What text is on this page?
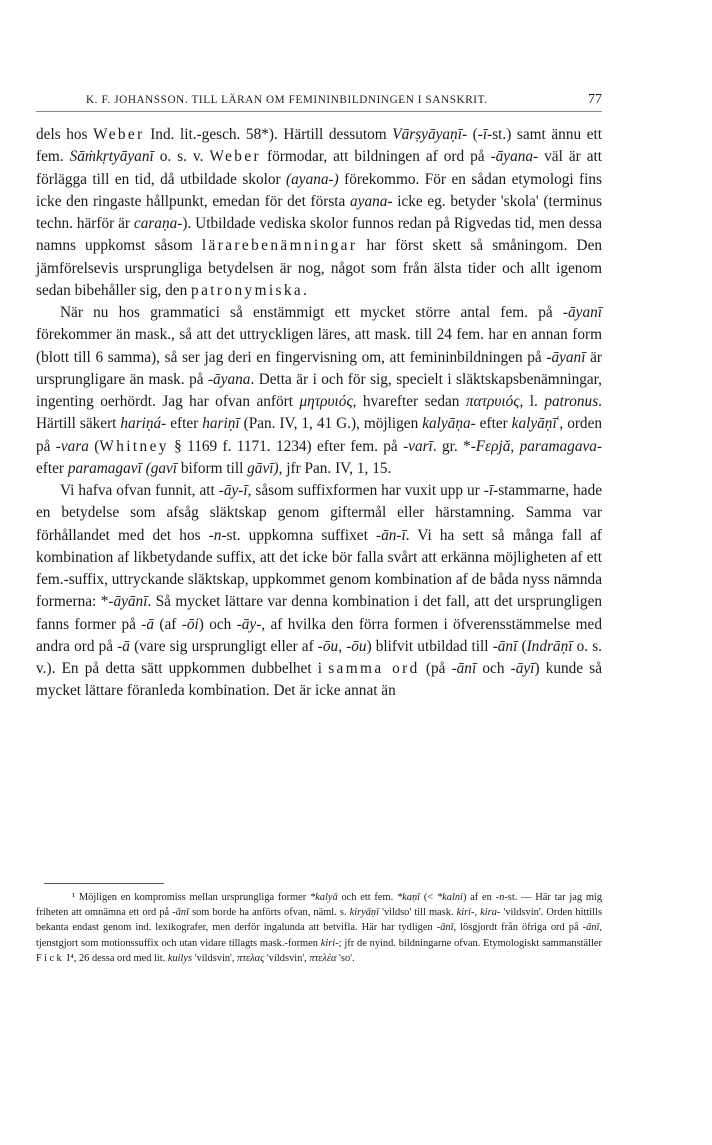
K. F. JOHANSSON. TILL LÄRAN OM FEMININBILDNINGEN I SANSKRIT.	77

dels hos Weber Ind. lit.-gesch. 58*). Härtill dessutom Vārṣyāyaṇī- (-ī-st.) samt ännu ett fem. Sāṁkṛtyāyanī o. s. v. Weber förmodar, att bildningen af ord på -āyana- väl är att förlägga till en tid, då utbildade skolor (ayana-) förekommo. För en sådan etymologi fins icke den ringaste hållpunkt, emedan för det första ayana- icke eg. betyder 'skola' (terminus techn. härför är caraṇa-). Utbildade vediska skolor funnos redan på Rigvedas tid, men dessa namns uppkomst såsom lärarebenämningar har först skett så småningom. Den jämförelsevis ursprungliga betydelsen är nog, något som från älsta tider och allt igenom sedan bibehåller sig, den patronymiska.

När nu hos grammatici så enstämmigt ett mycket större antal fem. på -āyanī förekommer än mask., så att det uttryckligen läres, att mask. till 24 fem. har en annan form (blott till 6 samma), så ser jag deri en fingervisning om, att femininbildningen på -āyanī är ursprungligare än mask. på -āyana. Detta är i och för sig, specielt i släktskapsbenämningar, ingenting oerhördt. Jag har ofvan anfört μητρυιός, hvarefter sedan πατρυιός, l. patronus. Härtill säkert hariṇá- efter hariṇī (Pan. IV, 1, 41 G.), möjligen kalyāṇa- efter kalyāṇī$^{^1}$, orden på -vara (Whitney § 1169 f. 1171. 1234) efter fem. på -varī. gr. *-Fερjă, paramagava- efter paramagavī (gavī biform till gāvī), jfr Pan. IV, 1, 15.

Vi hafva ofvan funnit, att -āy-ī, såsom suffixformen har vuxit upp ur -ī-stammarne, hade en betydelse som afsåg släktskap genom giftermål eller härstamning. Samma var förhållandet med det hos -n-st. uppkomna suffixet -ān-ī. Vi ha sett så många fall af kombination af likbetydande suffix, att det icke bör falla svårt att erkänna möjligheten af ett fem.-suffix, uttryckande släktskap, uppkommet genom kombination af de båda nyss nämnda formerna: *-āyānī. Så mycket lättare var denna kombination i det fall, att det ursprungligen fanns former på -ā (af -ōi) och -āy-, af hvilka den förra formen i öfverensstämmelse med andra ord på -ā (vare sig ursprungligt eller af -ōu, -ōu) blifvit utbildad till -ānī (Indrāṇī o. s. v.). En på detta sätt uppkommen dubbelhet i samma ord (på -ānī och -āyī) kunde så mycket lättare föranleda kombination. Det är icke annat än

¹ Möjligen en kompromiss mellan ursprungliga former *kalyā och ett fem. *kaṇī (< *kalni) af en -n-st. — Här tar jag mig friheten att omnämna ett ord på -ānī som borde ha anförts ofvan, näml. s. kiryāṇī 'vildso' till mask. kiri-, kira- 'vildsvin'. Orden hittills bekanta endast genom ind. lexikografer, men derför ingalunda att betvifla. Här har tydligen -ānī, lösgjordt från öfriga ord på -ānī, tjenstgjort som motionssuffix och utan vidare tillagts mask.-formen kiri-; jfr de nyind. bildningarne ofvan. Etymologiskt sammanställer Fick I⁴, 26 dessa ord med lit. kuilys 'vildsvin', πτελας 'vildsvin', πτελέα 'so'.
